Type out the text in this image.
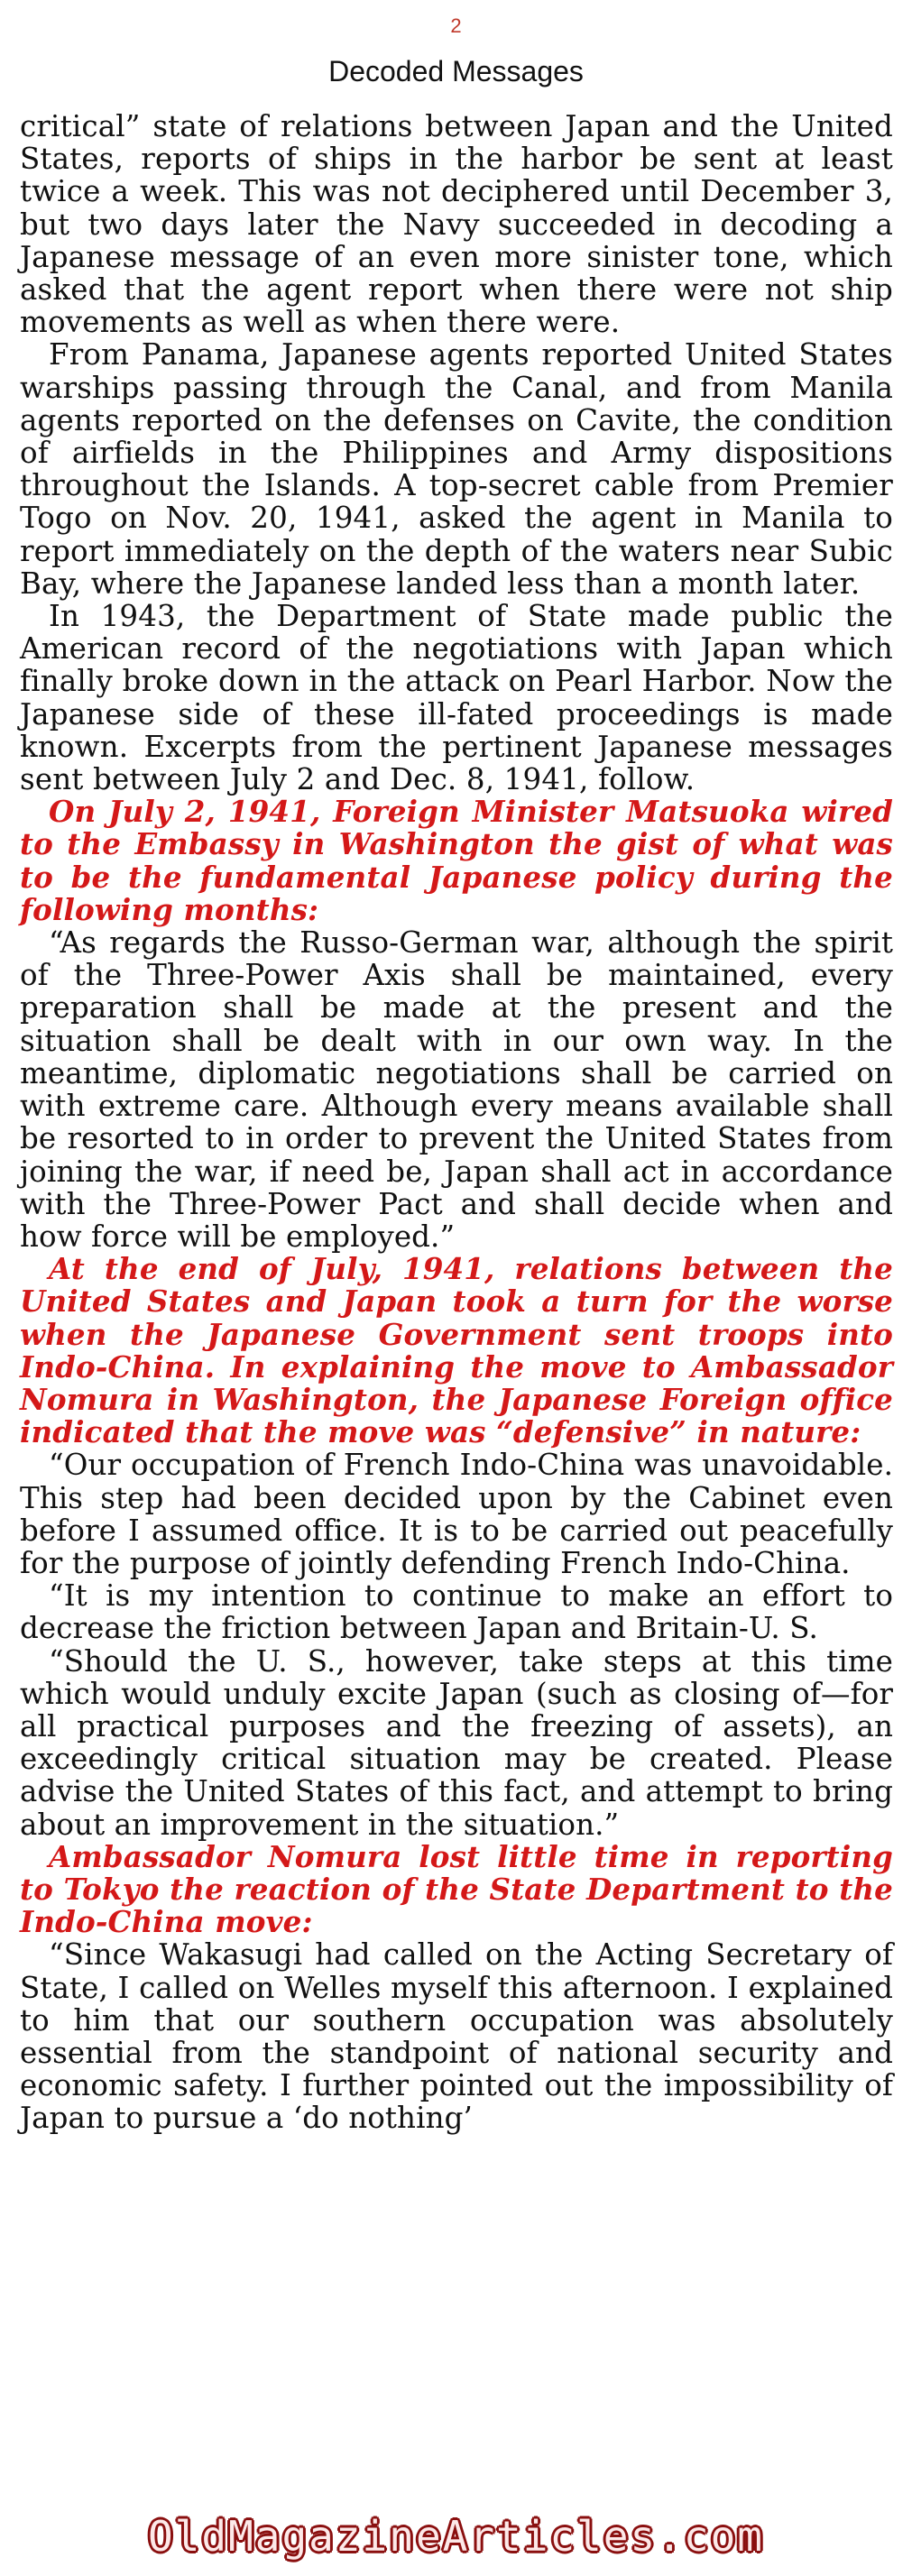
2
Decoded Messages

critical” state of relations between Japan and the United States, reports of ships in the harbor be sent at least twice a week. This was not deciphered until December 3, but two days later the Navy succeeded in decoding a Japanese message of an even more sinister tone, which asked that the agent report when there were not ship movements as well as when there were.

From Panama, Japanese agents reported United States warships passing through the Canal, and from Manila agents reported on the defenses on Cavite, the condition of airfields in the Philippines and Army dispositions throughout the Islands. A top-secret cable from Premier Togo on Nov. 20, 1941, asked the agent in Manila to report immediately on the depth of the waters near Subic Bay, where the Japanese landed less than a month later.

In 1943, the Department of State made public the American record of the negotiations with Japan which finally broke down in the attack on Pearl Harbor. Now the Japanese side of these ill-fated proceedings is made known. Excerpts from the pertinent Japanese messages sent between July 2 and Dec. 8, 1941, follow.

On July 2, 1941, Foreign Minister Matsuoka wired to the Embassy in Washington the gist of what was to be the fundamental Japanese policy during the following months:

“As regards the Russo-German war, although the spirit of the Three-Power Axis shall be maintained, every preparation shall be made at the present and the situation shall be dealt with in our own way. In the meantime, diplomatic negotiations shall be carried on with extreme care. Although every means available shall be resorted to in order to prevent the United States from joining the war, if need be, Japan shall act in accordance with the Three-Power Pact and shall decide when and how force will be employed.”

At the end of July, 1941, relations between the United States and Japan took a turn for the worse when the Japanese Government sent troops into Indo-China. In explaining the move to Ambassador Nomura in Washington, the Japanese Foreign office indicated that the move was “defensive” in nature:

“Our occupation of French Indo-China was unavoidable. This step had been decided upon by the Cabinet even before I assumed office. It is to be carried out peacefully for the purpose of jointly defending French Indo-China.

“It is my intention to continue to make an effort to decrease the friction between Japan and Britain-U. S.

“Should the U. S., however, take steps at this time which would unduly excite Japan (such as closing of—for all practical purposes and the freezing of assets), an exceedingly critical situation may be created. Please advise the United States of this fact, and attempt to bring about an improvement in the situation.”

Ambassador Nomura lost little time in reporting to Tokyo the reaction of the State Department to the Indo-China move:

“Since Wakasugi had called on the Acting Secretary of State, I called on Welles myself this afternoon. I explained to him that our southern occupation was absolutely essential from the standpoint of national security and economic safety. I further pointed out the impossibility of Japan to pursue a ‘do nothing’

OldMagazineArticles.com
